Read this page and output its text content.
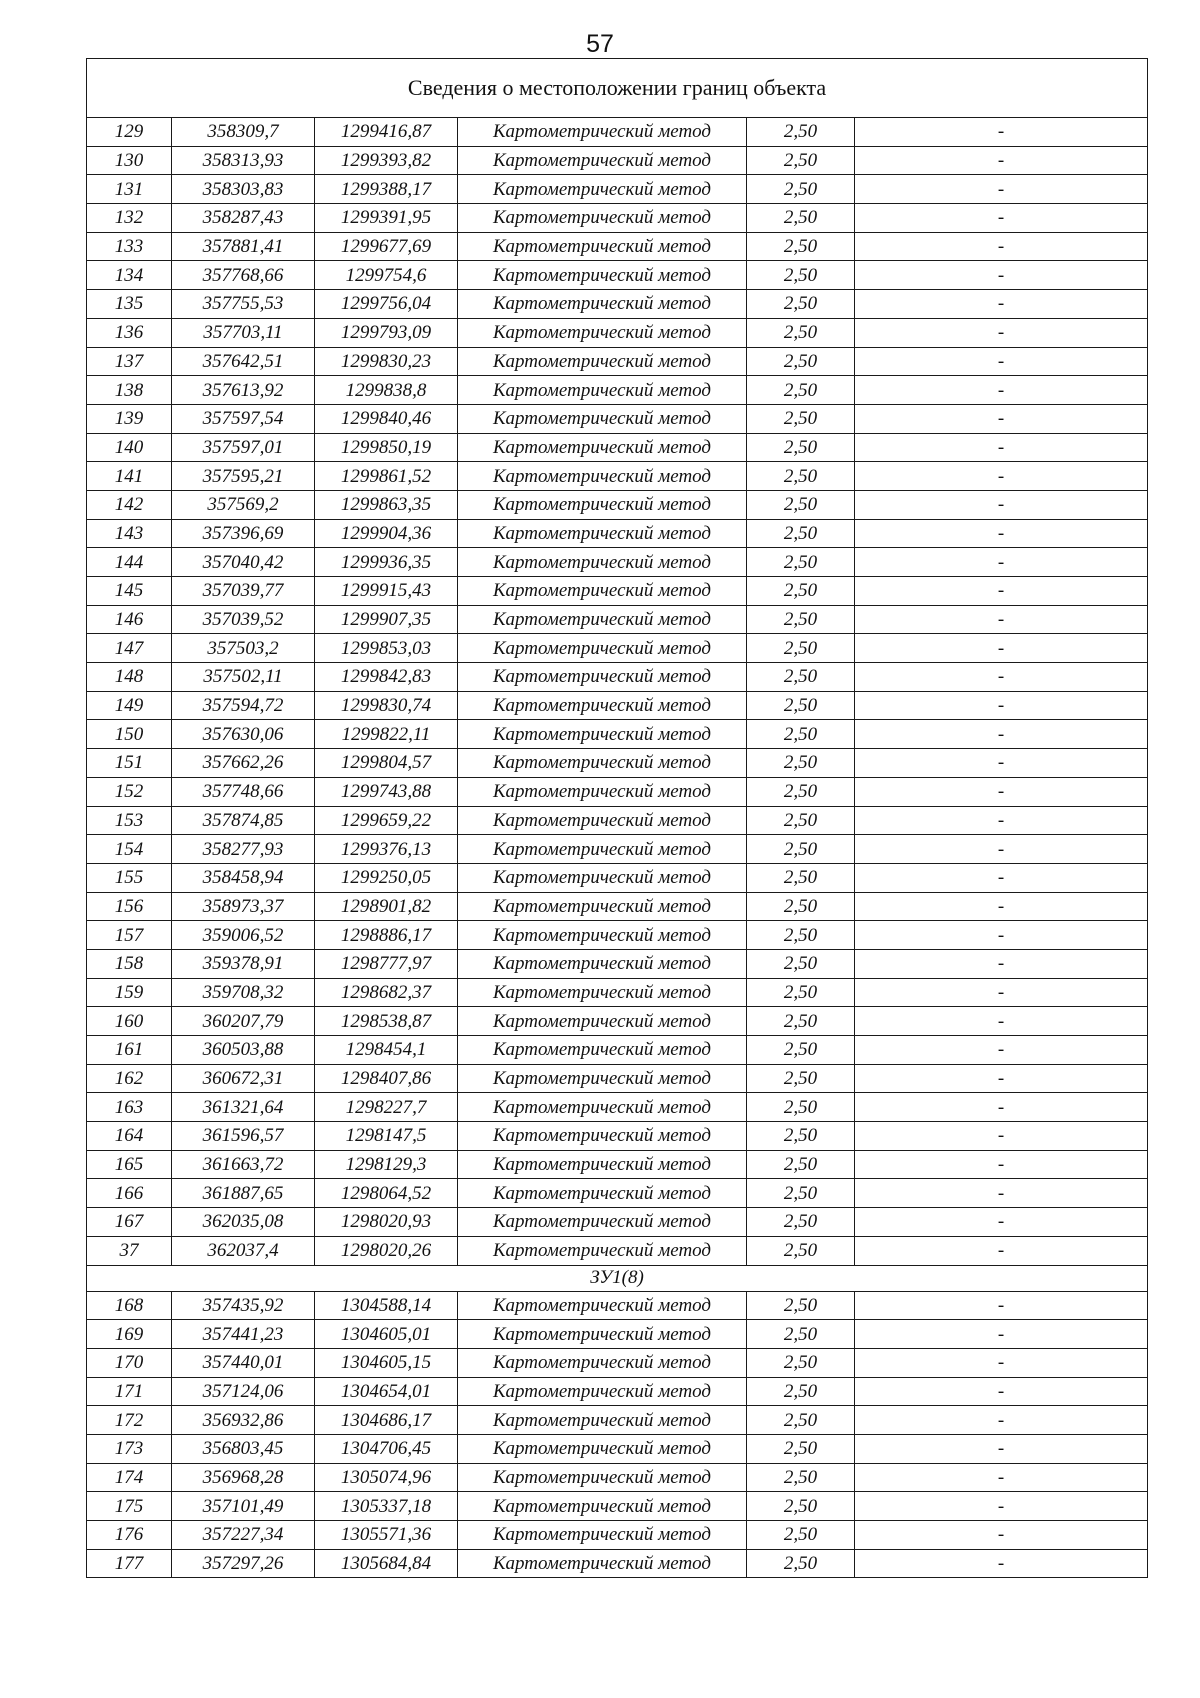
57
Сведения о местоположении границ объекта					
129	358309,7	1299416,87	Картометрический метод	2,50	-
130	358313,93	1299393,82	Картометрический метод	2,50	-
131	358303,83	1299388,17	Картометрический метод	2,50	-
132	358287,43	1299391,95	Картометрический метод	2,50	-
133	357881,41	1299677,69	Картометрический метод	2,50	-
134	357768,66	1299754,6	Картометрический метод	2,50	-
135	357755,53	1299756,04	Картометрический метод	2,50	-
136	357703,11	1299793,09	Картометрический метод	2,50	-
137	357642,51	1299830,23	Картометрический метод	2,50	-
138	357613,92	1299838,8	Картометрический метод	2,50	-
139	357597,54	1299840,46	Картометрический метод	2,50	-
140	357597,01	1299850,19	Картометрический метод	2,50	-
141	357595,21	1299861,52	Картометрический метод	2,50	-
142	357569,2	1299863,35	Картометрический метод	2,50	-
143	357396,69	1299904,36	Картометрический метод	2,50	-
144	357040,42	1299936,35	Картометрический метод	2,50	-
145	357039,77	1299915,43	Картометрический метод	2,50	-
146	357039,52	1299907,35	Картометрический метод	2,50	-
147	357503,2	1299853,03	Картометрический метод	2,50	-
148	357502,11	1299842,83	Картометрический метод	2,50	-
149	357594,72	1299830,74	Картометрический метод	2,50	-
150	357630,06	1299822,11	Картометрический метод	2,50	-
151	357662,26	1299804,57	Картометрический метод	2,50	-
152	357748,66	1299743,88	Картометрический метод	2,50	-
153	357874,85	1299659,22	Картометрический метод	2,50	-
154	358277,93	1299376,13	Картометрический метод	2,50	-
155	358458,94	1299250,05	Картометрический метод	2,50	-
156	358973,37	1298901,82	Картометрический метод	2,50	-
157	359006,52	1298886,17	Картометрический метод	2,50	-
158	359378,91	1298777,97	Картометрический метод	2,50	-
159	359708,32	1298682,37	Картометрический метод	2,50	-
160	360207,79	1298538,87	Картометрический метод	2,50	-
161	360503,88	1298454,1	Картометрический метод	2,50	-
162	360672,31	1298407,86	Картометрический метод	2,50	-
163	361321,64	1298227,7	Картометрический метод	2,50	-
164	361596,57	1298147,5	Картометрический метод	2,50	-
165	361663,72	1298129,3	Картометрический метод	2,50	-
166	361887,65	1298064,52	Картометрический метод	2,50	-
167	362035,08	1298020,93	Картометрический метод	2,50	-
37	362037,4	1298020,26	Картометрический метод	2,50	-
ЗУ1(8)					
168	357435,92	1304588,14	Картометрический метод	2,50	-
169	357441,23	1304605,01	Картометрический метод	2,50	-
170	357440,01	1304605,15	Картометрический метод	2,50	-
171	357124,06	1304654,01	Картометрический метод	2,50	-
172	356932,86	1304686,17	Картометрический метод	2,50	-
173	356803,45	1304706,45	Картометрический метод	2,50	-
174	356968,28	1305074,96	Картометрический метод	2,50	-
175	357101,49	1305337,18	Картометрический метод	2,50	-
176	357227,34	1305571,36	Картометрический метод	2,50	-
177	357297,26	1305684,84	Картометрический метод	2,50	-
